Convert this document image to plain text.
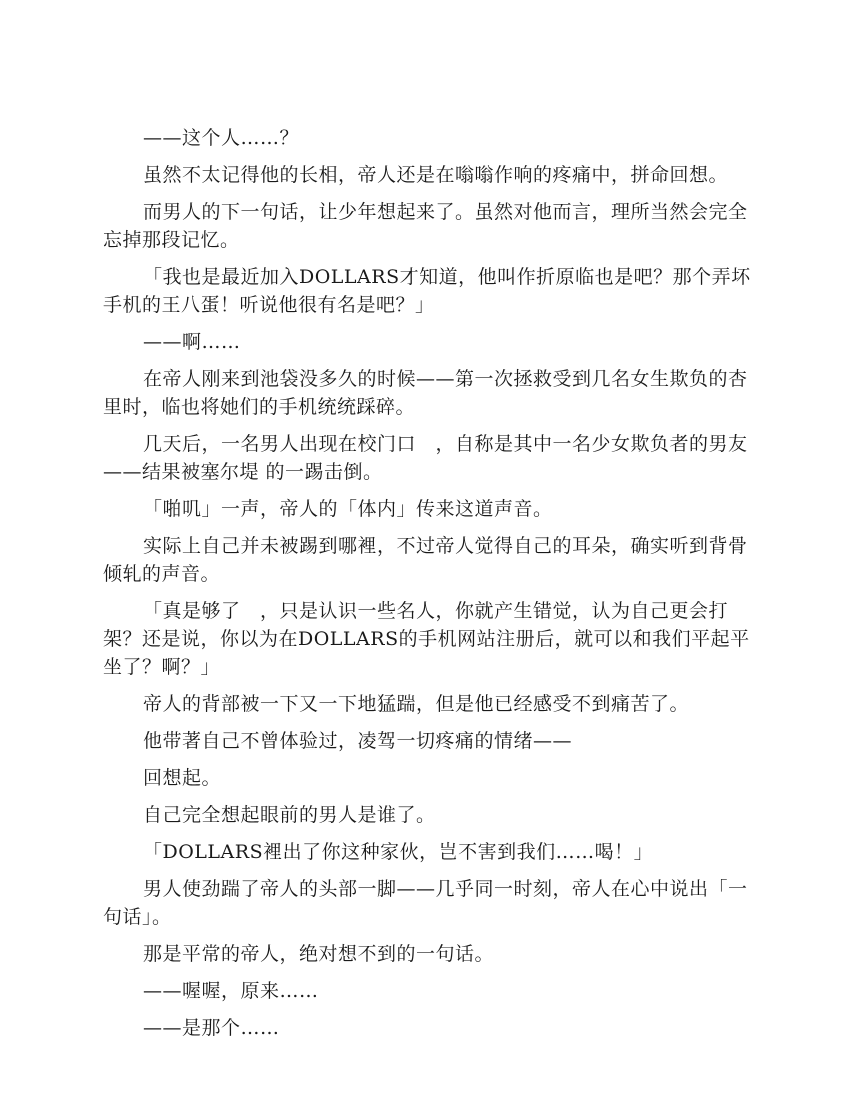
——这个人……？

虽然不太记得他的长相，帝人还是在嗡嗡作响的疼痛中，拼命回想。

而男人的下一句话，让少年想起来了。虽然对他而言，理所当然会完全忘掉那段记忆。

「我也是最近加入DOLLARS才知道，他叫作折原临也是吧？那个弄坏手机的王八蛋！听说他很有名是吧？」

——啊……

在帝人刚来到池袋没多久的时候——第一次拯救受到几名女生欺负的杏里时，临也将她们的手机统统踩碎。

几天后，一名男人出现在校门口　，自称是其中一名少女欺负者的男友——结果被塞尔堤 的一踢击倒。

「啪叽」一声，帝人的「体内」传来这道声音。

实际上自己并未被踢到哪裡，不过帝人觉得自己的耳朵，确实听到背骨倾轧的声音。

「真是够了　，只是认识一些名人，你就产生错觉，认为自己更会打架？还是说，你以为在DOLLARS的手机网站注册后，就可以和我们平起平坐了？啊？」

帝人的背部被一下又一下地猛踹，但是他已经感受不到痛苦了。

他带著自己不曾体验过，凌驾一切疼痛的情绪——

回想起。

自己完全想起眼前的男人是谁了。

「DOLLARS裡出了你这种家伙，岂不害到我们……喝！」

男人使劲踹了帝人的头部一脚——几乎同一时刻，帝人在心中说出「一句话」。

那是平常的帝人，绝对想不到的一句话。

——喔喔，原来……

——是那个……
